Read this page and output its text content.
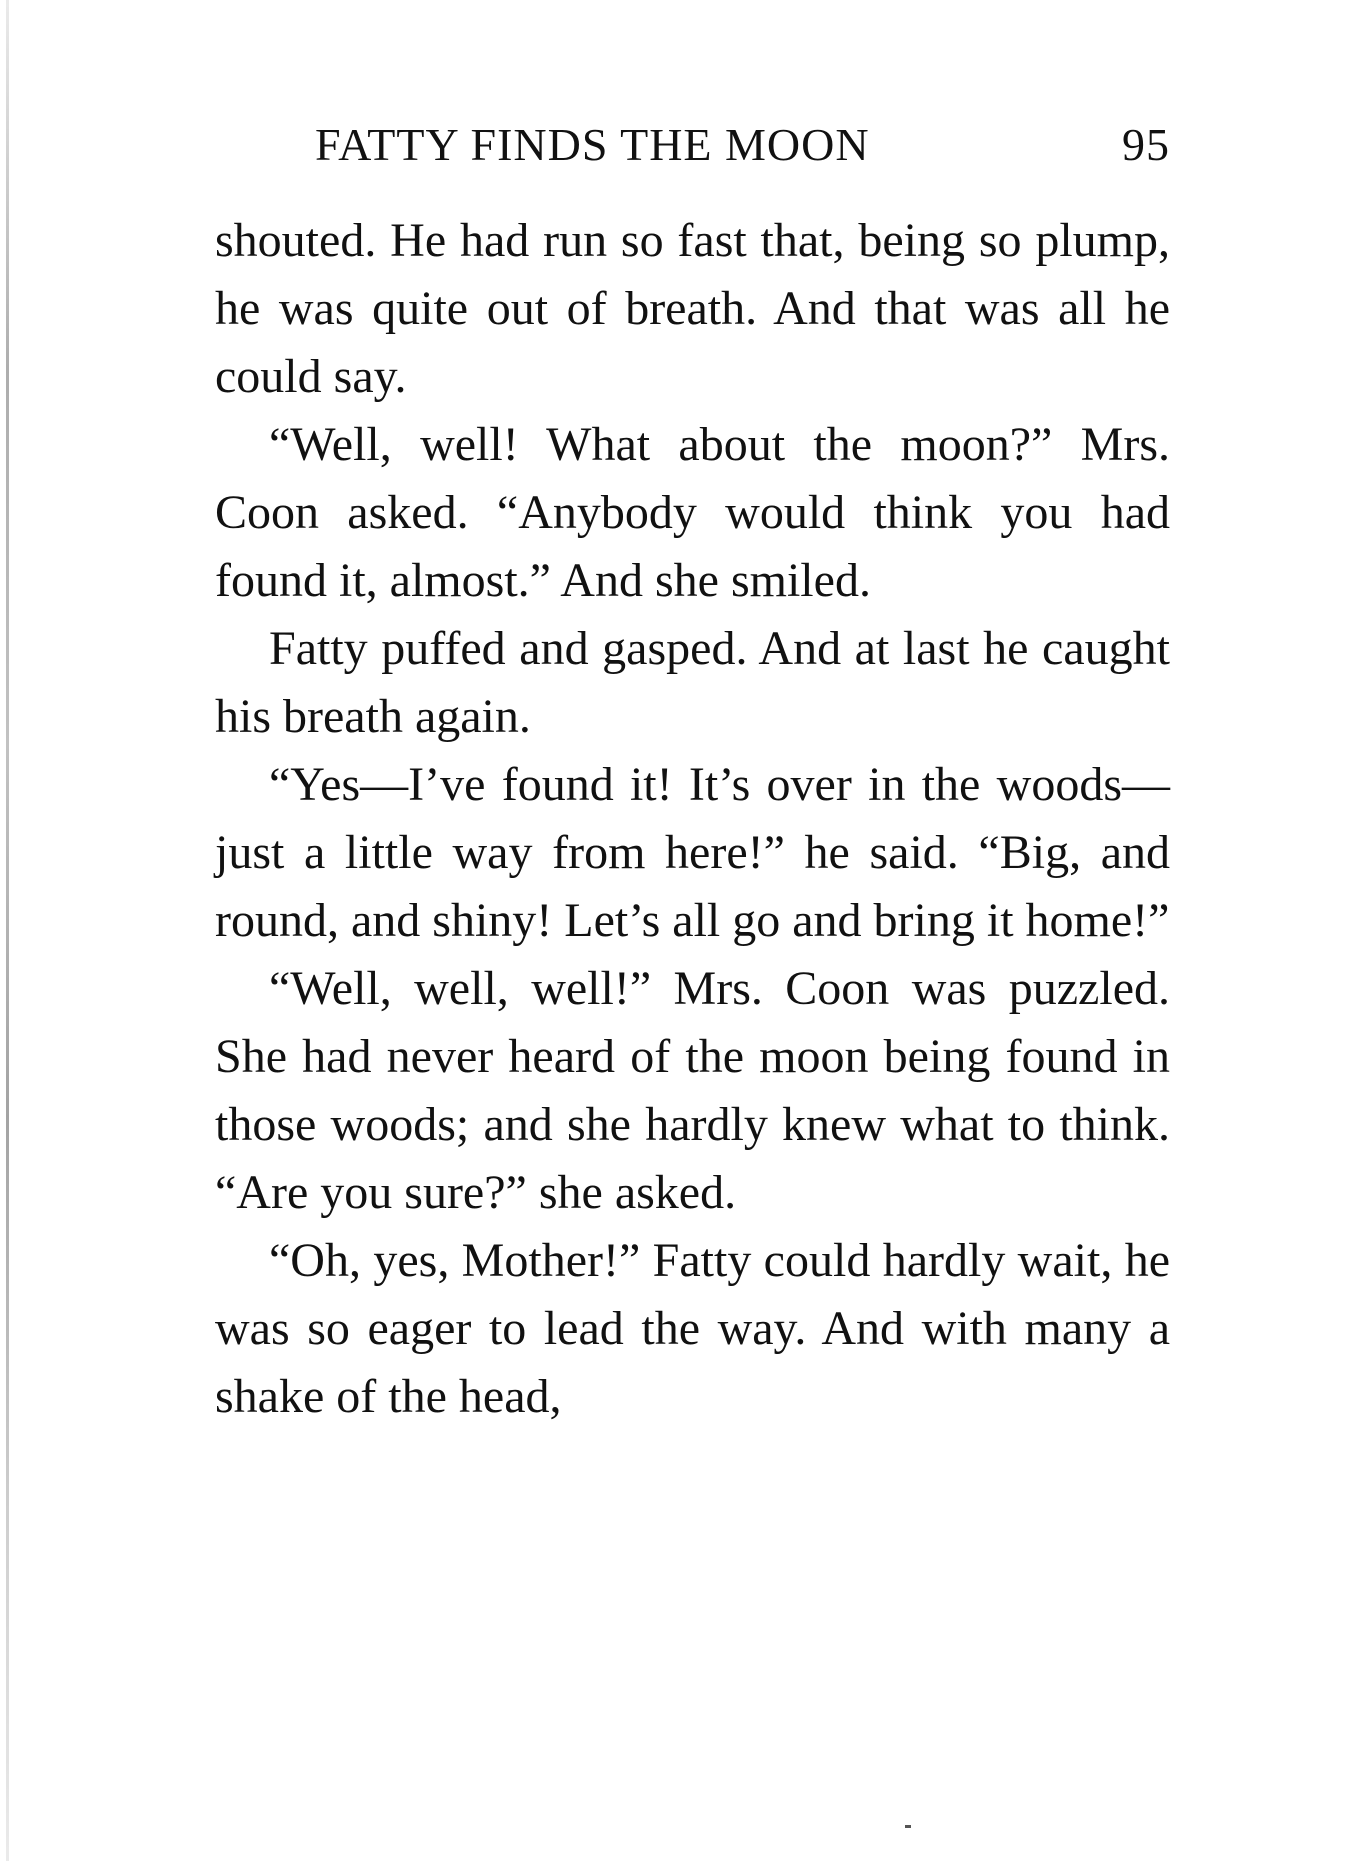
FATTY FINDS THE MOON	95

shouted. He had run so fast that, being so plump, he was quite out of breath. And that was all he could say.

“Well, well! What about the moon?” Mrs. Coon asked. “Anybody would think you had found it, almost.” And she smiled.

Fatty puffed and gasped. And at last he caught his breath again.

“Yes—I’ve found it! It’s over in the woods—just a little way from here!” he said. “Big, and round, and shiny! Let’s all go and bring it home!”

“Well, well, well!” Mrs. Coon was puzzled. She had never heard of the moon being found in those woods; and she hardly knew what to think. “Are you sure?” she asked.

“Oh, yes, Mother!” Fatty could hardly wait, he was so eager to lead the way. And with many a shake of the head,
